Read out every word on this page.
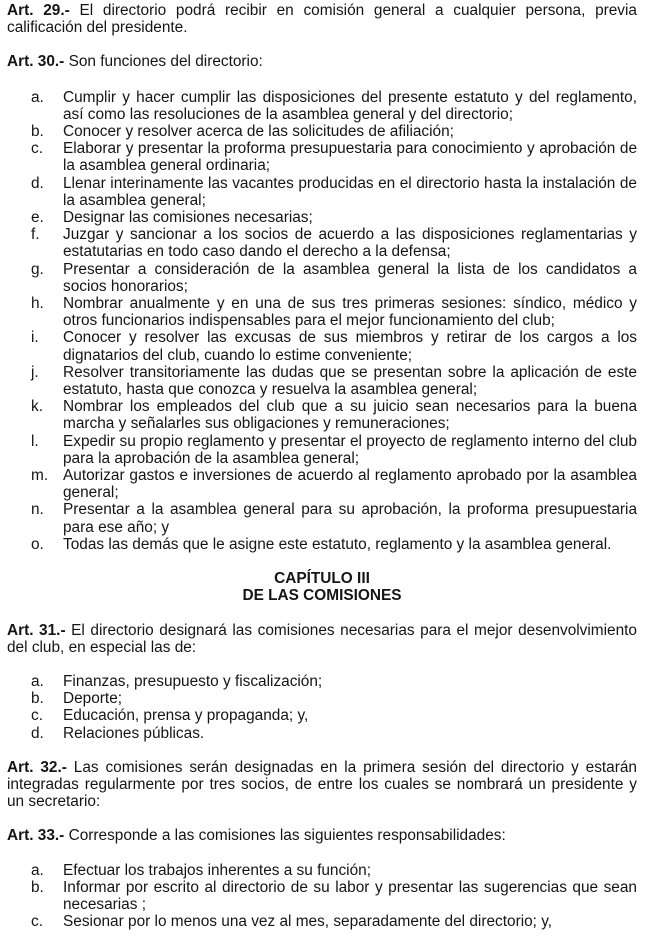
Art. 29.- El directorio podrá recibir en comisión general a cualquier persona, previa calificación del presidente.

Art. 30.- Son funciones del directorio:

a. Cumplir y hacer cumplir las disposiciones del presente estatuto y del reglamento, así como las resoluciones de la asamblea general y del directorio;
b. Conocer y resolver acerca de las solicitudes de afiliación;
c. Elaborar y presentar la proforma presupuestaria para conocimiento y aprobación de la asamblea general ordinaria;
d. Llenar interinamente las vacantes producidas en el directorio hasta la instalación de la asamblea general;
e. Designar las comisiones necesarias;
f. Juzgar y sancionar a los socios de acuerdo a las disposiciones reglamentarias y estatutarias en todo caso dando el derecho a la defensa;
g. Presentar a consideración de la asamblea general la lista de los candidatos a socios honorarios;
h. Nombrar anualmente y en una de sus tres primeras sesiones: síndico, médico y otros funcionarios indispensables para el mejor funcionamiento del club;
i. Conocer y resolver las excusas de sus miembros y retirar de los cargos a los dignatarios del club, cuando lo estime conveniente;
j. Resolver transitoriamente las dudas que se presentan sobre la aplicación de este estatuto, hasta que conozca y resuelva la asamblea general;
k. Nombrar los empleados del club que a su juicio sean necesarios para la buena marcha y señalarles sus obligaciones y remuneraciones;
l. Expedir su propio reglamento y presentar el proyecto de reglamento interno del club para la aprobación de la asamblea general;
m. Autorizar gastos e inversiones de acuerdo al reglamento aprobado por la asamblea general;
n. Presentar a la asamblea general para su aprobación, la proforma presupuestaria para ese año; y
o. Todas las demás que le asigne este estatuto, reglamento y la asamblea general.

CAPÍTULO III

DE LAS COMISIONES

Art. 31.- El directorio designará las comisiones necesarias para el mejor desenvolvimiento del club, en especial las de:

a. Finanzas, presupuesto y fiscalización;
b. Deporte;
c. Educación, prensa y propaganda; y,
d. Relaciones públicas.

Art. 32.- Las comisiones serán designadas en la primera sesión del directorio y estarán integradas regularmente por tres socios, de entre los cuales se nombrará un presidente y un secretario:

Art. 33.- Corresponde a las comisiones las siguientes responsabilidades:

a. Efectuar los trabajos inherentes a su función;
b. Informar por escrito al directorio de su labor y presentar las sugerencias que sean necesarias ;
c. Sesionar por lo menos una vez al mes, separadamente del directorio; y,
